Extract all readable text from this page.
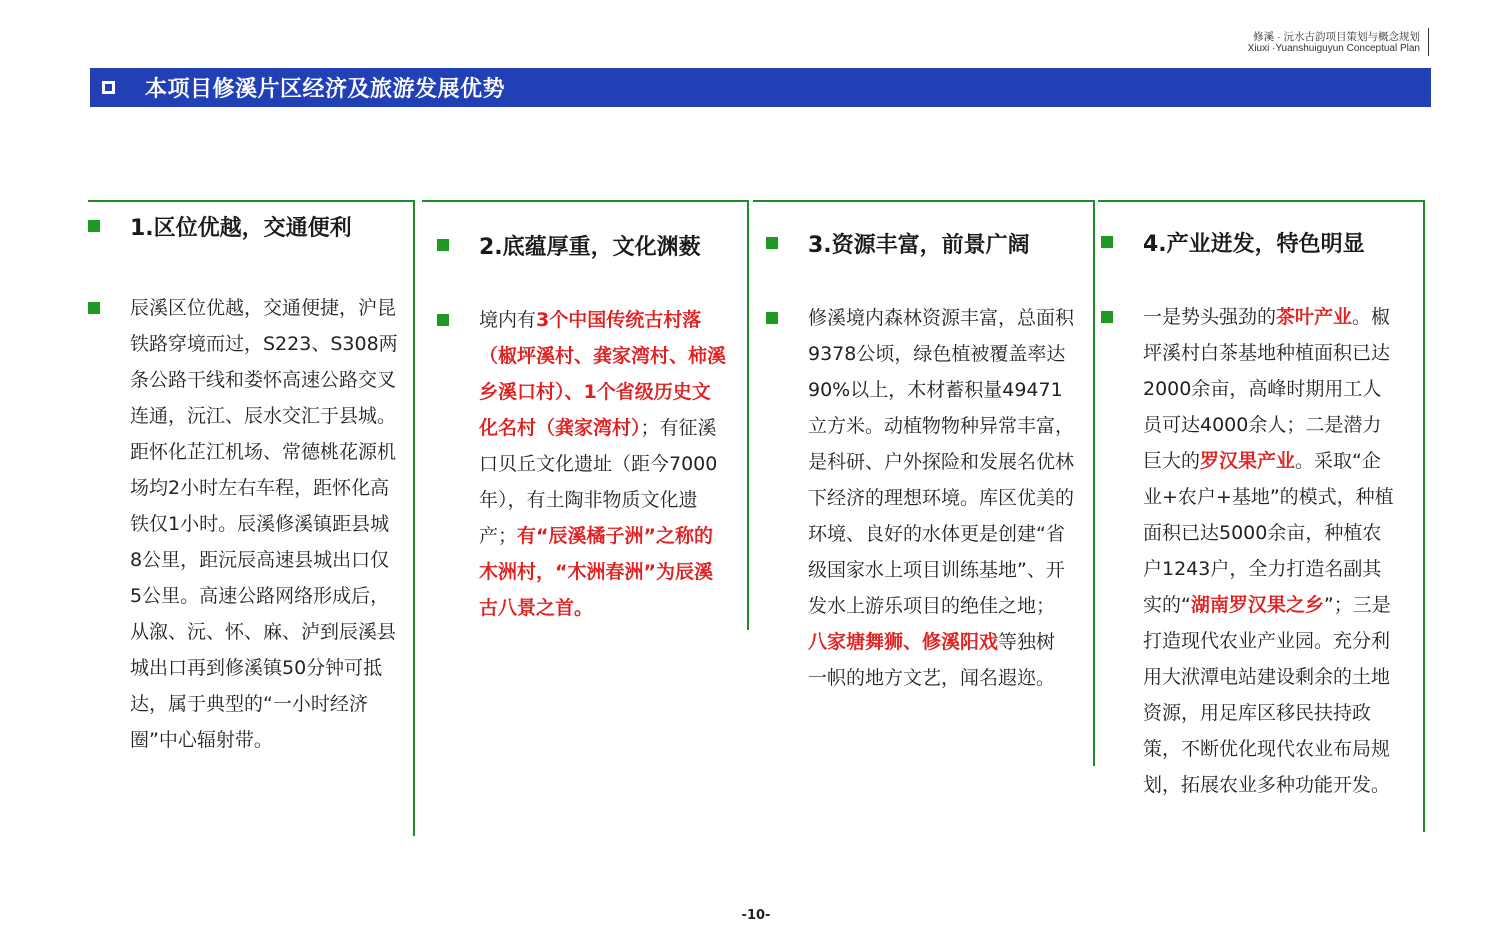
修溪 · 沅水古韵项目策划与概念规划
Xiuxi ·Yuanshuiguyun Conceptual Plan
本项目修溪片区经济及旅游发展优势
1.区位优越，交通便利
辰溪区位优越，交通便捷，沪昆铁路穿境而过，S223、S308两条公路干线和娄怀高速公路交叉连通，沅江、辰水交汇于县城。距怀化芷江机场、常德桃花源机场均2小时左右车程，距怀化高铁仅1小时。辰溪修溪镇距县城8公里，距沅辰高速县城出口仅5公里。高速公路网络形成后，从溆、沅、怀、麻、泸到辰溪县城出口再到修溪镇50分钟可抵达，属于典型的“一小时经济圈”中心辐射带。
2.底蕴厚重，文化渊薮
境内有3个中国传统古村落（椒坪溪村、龚家湾村、柿溪乡溪口村）、1个省级历史文化名村（龚家湾村）；有征溪口贝丘文化遗址（距今7000年），有土陶非物质文化遗产；有“辰溪橘子洲”之称的木洲村，“木洲春洲”为辰溪古八景之首。
3.资源丰富，前景广阔
修溪境内森林资源丰富，总面积9378公顷，绿色植被覆盖率达90%以上，木材蓄积量49471立方米。动植物物种异常丰富，是科研、户外探险和发展名优林下经济的理想环境。库区优美的环境、良好的水体更是创建“省级国家水上项目训练基地”、开发水上游乐项目的绝佳之地；八家塘舞狮、修溪阳戏等独树一帜的地方文艺，闻名遐迩。
4.产业迸发，特色明显
一是势头强劲的茶叶产业。椒坪溪村白茶基地种植面积已达2000余亩，高峰时期用工人员可达4000余人；二是潜力巨大的罗汉果产业。采取“企业+农户+基地”的模式，种植面积已达5000余亩，种植农户1243户，全力打造名副其实的“湖南罗汉果之乡”；三是打造现代农业产业园。充分利用大洑潭电站建设剩余的土地资源，用足库区移民扶持政策，不断优化现代农业布局规划，拓展农业多种功能开发。
-10-
